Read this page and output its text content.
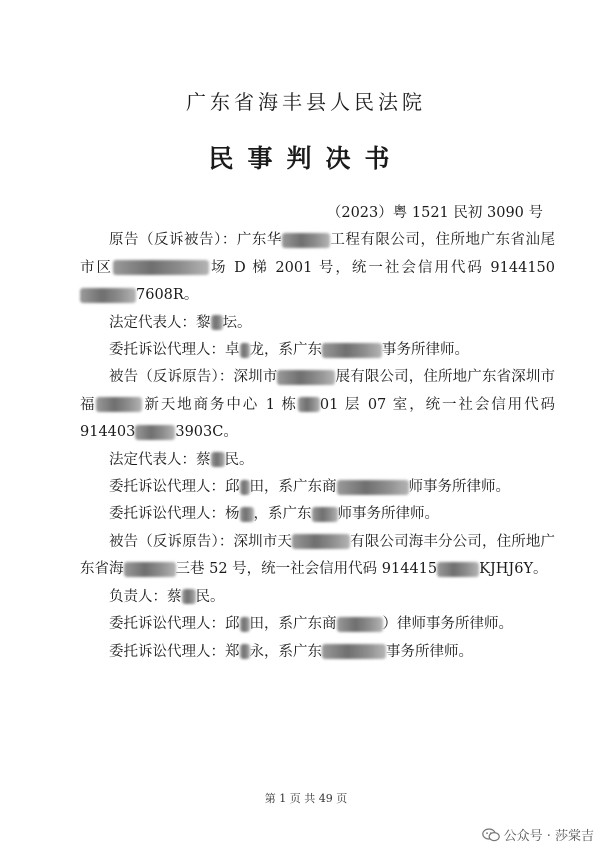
广东省海丰县人民法院
民事判决书
（2023）粤 1521 民初 3090 号

原告（反诉被告）：广东华	工程有限公司，住所地广东省汕尾市区	场 D 梯 2001 号，统一社会信用代码 91441507608R。

法定代表人：黎 坛。

委托诉讼代理人：卓 龙，系广东	事务所律师。

被告（反诉原告）：深圳市	展有限公司，住所地广东省深圳市福	新天地商务中心 1 栋 01 层 07 室，统一社会信用代码 914403	3903C。

法定代表人：蔡 民。

委托诉讼代理人：邱 田，系广东商	师事务所律师。

委托诉讼代理人：杨 ，系广东 师事务所律师。

被告（反诉原告）：深圳市天	有限公司海丰分公司，住所地广东省海	三巷 52 号，统一社会信用代码 914415	KJHJ6Y。

负责人：蔡 民。

委托诉讼代理人：邱 田，系广东商	）律师事务所律师。

委托诉讼代理人：郑 永，系广东	事务所律师。

第 1 页 共 49 页
公众号 · 莎棠吉
